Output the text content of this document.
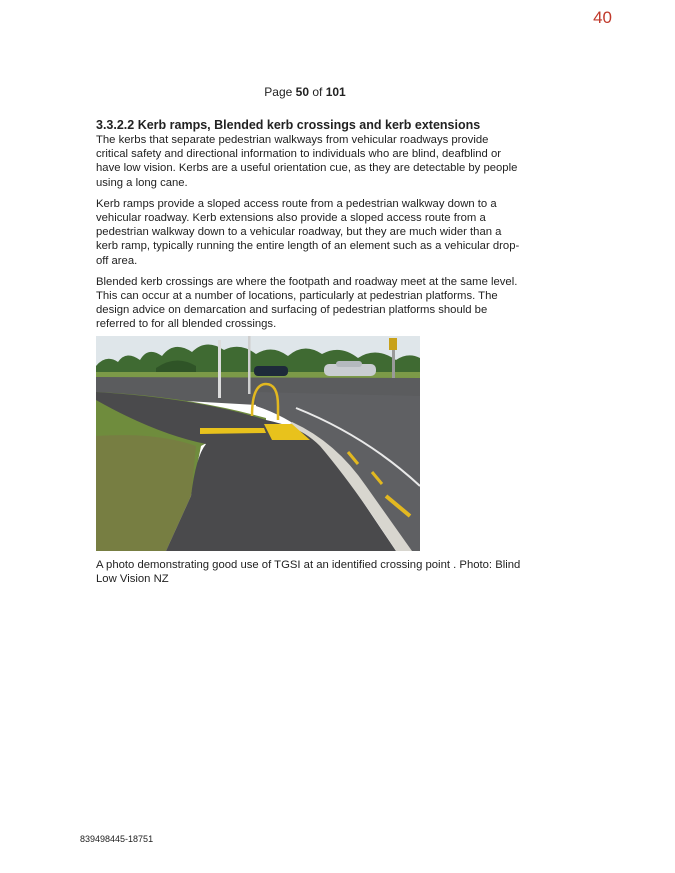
40
Page 50 of 101

3.3.2.2 Kerb ramps, Blended kerb crossings and kerb extensions

The kerbs that separate pedestrian walkways from vehicular roadways provide critical safety and directional information to individuals who are blind, deafblind or have low vision. Kerbs are a useful orientation cue, as they are detectable by people using a long cane.

Kerb ramps provide a sloped access route from a pedestrian walkway down to a vehicular roadway. Kerb extensions also provide a sloped access route from a pedestrian walkway down to a vehicular roadway, but they are much wider than a kerb ramp, typically running the entire length of an element such as a vehicular drop-off area.

Blended kerb crossings are where the footpath and roadway meet at the same level. This can occur at a number of locations, particularly at pedestrian platforms. The design advice on demarcation and surfacing of pedestrian platforms should be referred to for all blended crossings.

A photo demonstrating good use of TGSI at an identified crossing point . Photo: Blind Low Vision NZ
839498445-18751
